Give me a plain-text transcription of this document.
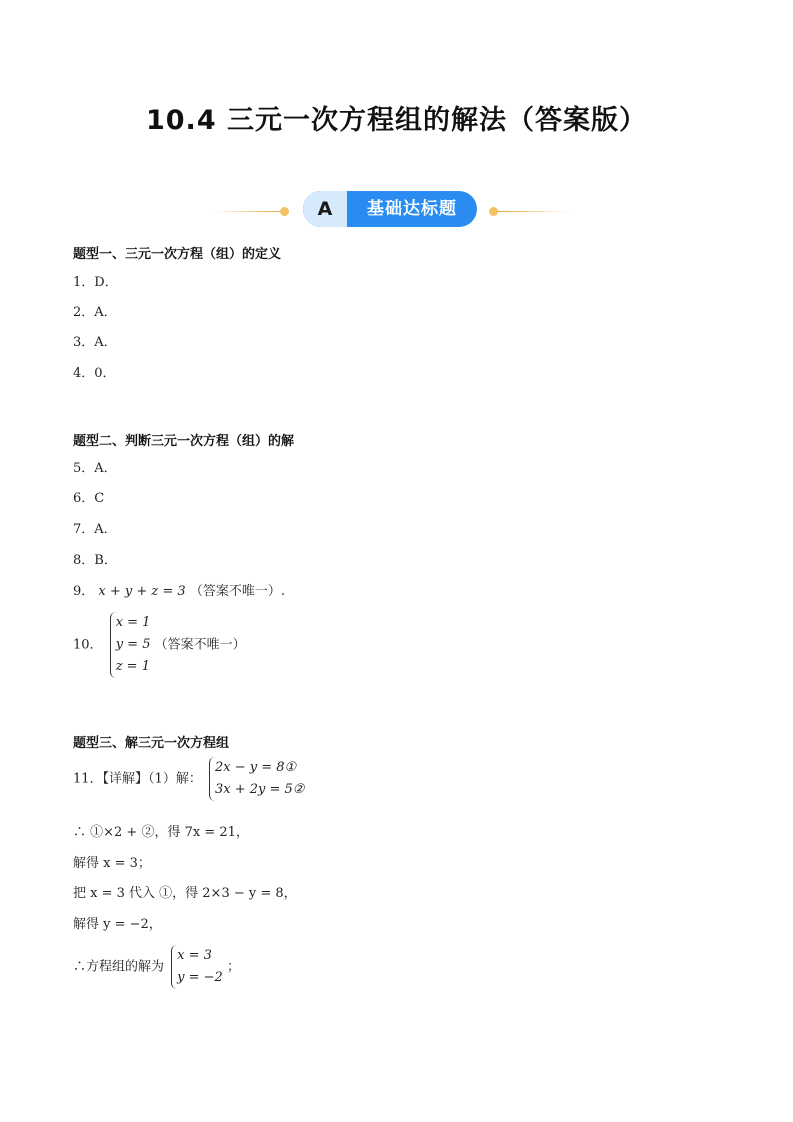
10.4 三元一次方程组的解法（答案版）
A	基础达标题
题型一、三元一次方程（组）的定义
1．D．
2．A．
3．A．
4．0．
题型二、判断三元一次方程（组）的解
5．A．
6．C
7．A．
8．B．
9． x + y + z = 3 （答案不唯一）.
10．
x = 1
y = 5
z = 1
（答案不唯一）
题型三、解三元一次方程组
11．【详解】（1）解：
2x − y = 8①
3x + 2y = 5②
∴ ①×2 + ②，得 7x = 21，
解得 x = 3；
把 x = 3 代入 ①，得 2×3 − y = 8，
解得 y = −2，
∴方程组的解为
x = 3
y = −2
；
